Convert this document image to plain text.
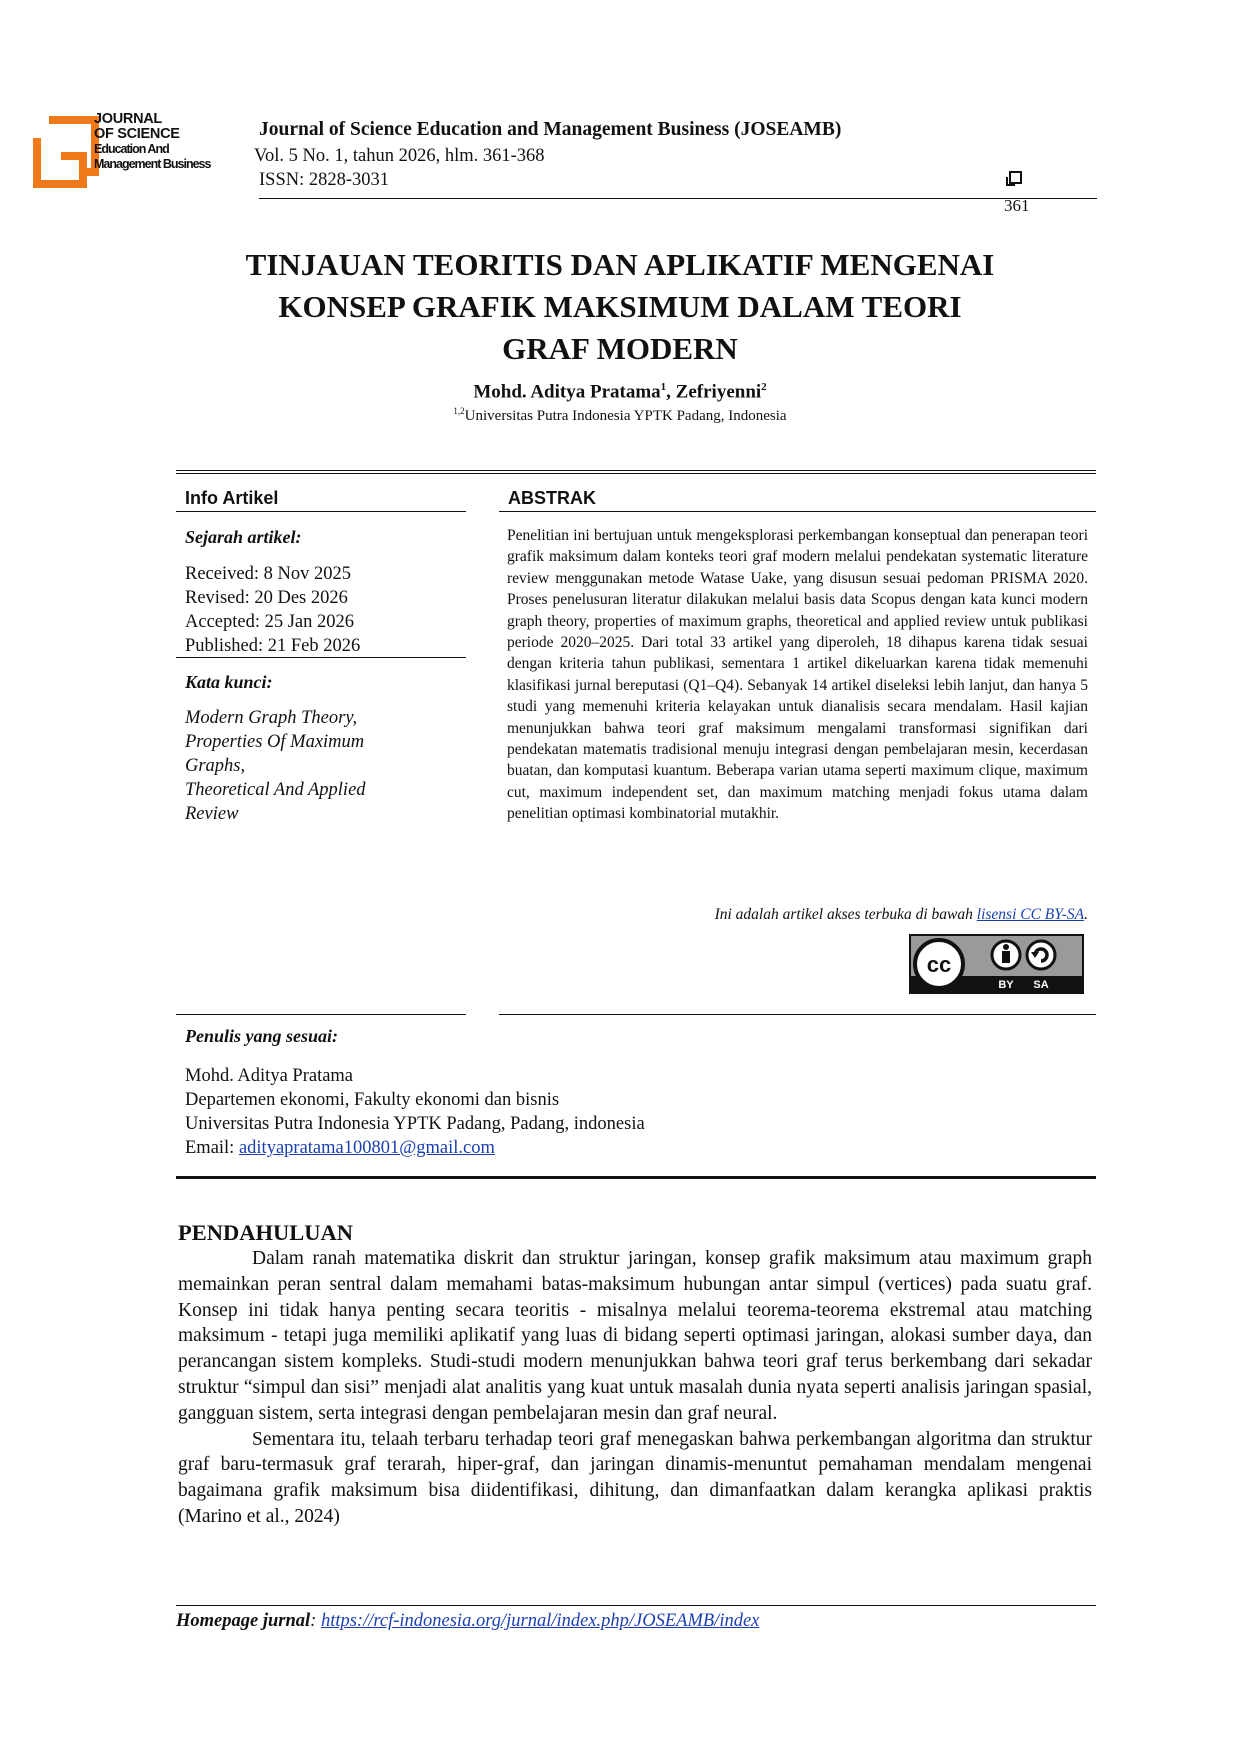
JOURNAL
OF SCIENCE
Education And
Management Business
Journal of Science Education and Management Business (JOSEAMB)
Vol. 5 No. 1, tahun 2026, hlm. 361-368
ISSN: 2828-3031
361
TINJAUAN TEORITIS DAN APLIKATIF MENGENAI
KONSEP GRAFIK MAKSIMUM DALAM TEORI
GRAF MODERN
Mohd. Aditya Pratama$^1$, Zefriyenni$^2$
$^{1,2}$Universitas Putra Indonesia YPTK Padang, Indonesia
Info Artikel
Sejarah artikel:
Received: 8 Nov 2025
Revised: 20 Des 2026
Accepted: 25 Jan 2026
Published: 21 Feb 2026
Kata kunci:
Modern Graph Theory,
Properties Of Maximum
Graphs,
Theoretical And Applied
Review
ABSTRAK
Penelitian ini bertujuan untuk mengeksplorasi perkembangan konseptual dan penerapan teori grafik maksimum dalam konteks teori graf modern melalui pendekatan systematic literature review menggunakan metode Watase Uake, yang disusun sesuai pedoman PRISMA 2020. Proses penelusuran literatur dilakukan melalui basis data Scopus dengan kata kunci modern graph theory, properties of maximum graphs, theoretical and applied review untuk publikasi periode 2020–2025. Dari total 33 artikel yang diperoleh, 18 dihapus karena tidak sesuai dengan kriteria tahun publikasi, sementara 1 artikel dikeluarkan karena tidak memenuhi klasifikasi jurnal bereputasi (Q1–Q4). Sebanyak 14 artikel diseleksi lebih lanjut, dan hanya 5 studi yang memenuhi kriteria kelayakan untuk dianalisis secara mendalam. Hasil kajian menunjukkan bahwa teori graf maksimum mengalami transformasi signifikan dari pendekatan matematis tradisional menuju integrasi dengan pembelajaran mesin, kecerdasan buatan, dan komputasi kuantum. Beberapa varian utama seperti maximum clique, maximum cut, maximum independent set, dan maximum matching menjadi fokus utama dalam penelitian optimasi kombinatorial mutakhir.
Ini adalah artikel akses terbuka di bawah lisensi CC BY-SA.
cc
BY SA
Penulis yang sesuai:
Mohd. Aditya Pratama
Departemen ekonomi, Fakulty ekonomi dan bisnis
Universitas Putra Indonesia YPTK Padang, Padang, indonesia
Email: adityapratama100801@gmail.com
PENDAHULUAN

Dalam ranah matematika diskrit dan struktur jaringan, konsep grafik maksimum atau maximum graph memainkan peran sentral dalam memahami batas-maksimum hubungan antar simpul (vertices) pada suatu graf. Konsep ini tidak hanya penting secara teoritis - misalnya melalui teorema-teorema ekstremal atau matching maksimum - tetapi juga memiliki aplikatif yang luas di bidang seperti optimasi jaringan, alokasi sumber daya, dan perancangan sistem kompleks. Studi-studi modern menunjukkan bahwa teori graf terus berkembang dari sekadar struktur “simpul dan sisi” menjadi alat analitis yang kuat untuk masalah dunia nyata seperti analisis jaringan spasial, gangguan sistem, serta integrasi dengan pembelajaran mesin dan graf neural.

Sementara itu, telaah terbaru terhadap teori graf menegaskan bahwa perkembangan algoritma dan struktur graf baru-termasuk graf terarah, hiper-graf, dan jaringan dinamis-menuntut pemahaman mendalam mengenai bagaimana grafik maksimum bisa diidentifikasi, dihitung, dan dimanfaatkan dalam kerangka aplikasi praktis (Marino et al., 2024)

Homepage jurnal: https://rcf-indonesia.org/jurnal/index.php/JOSEAMB/index
